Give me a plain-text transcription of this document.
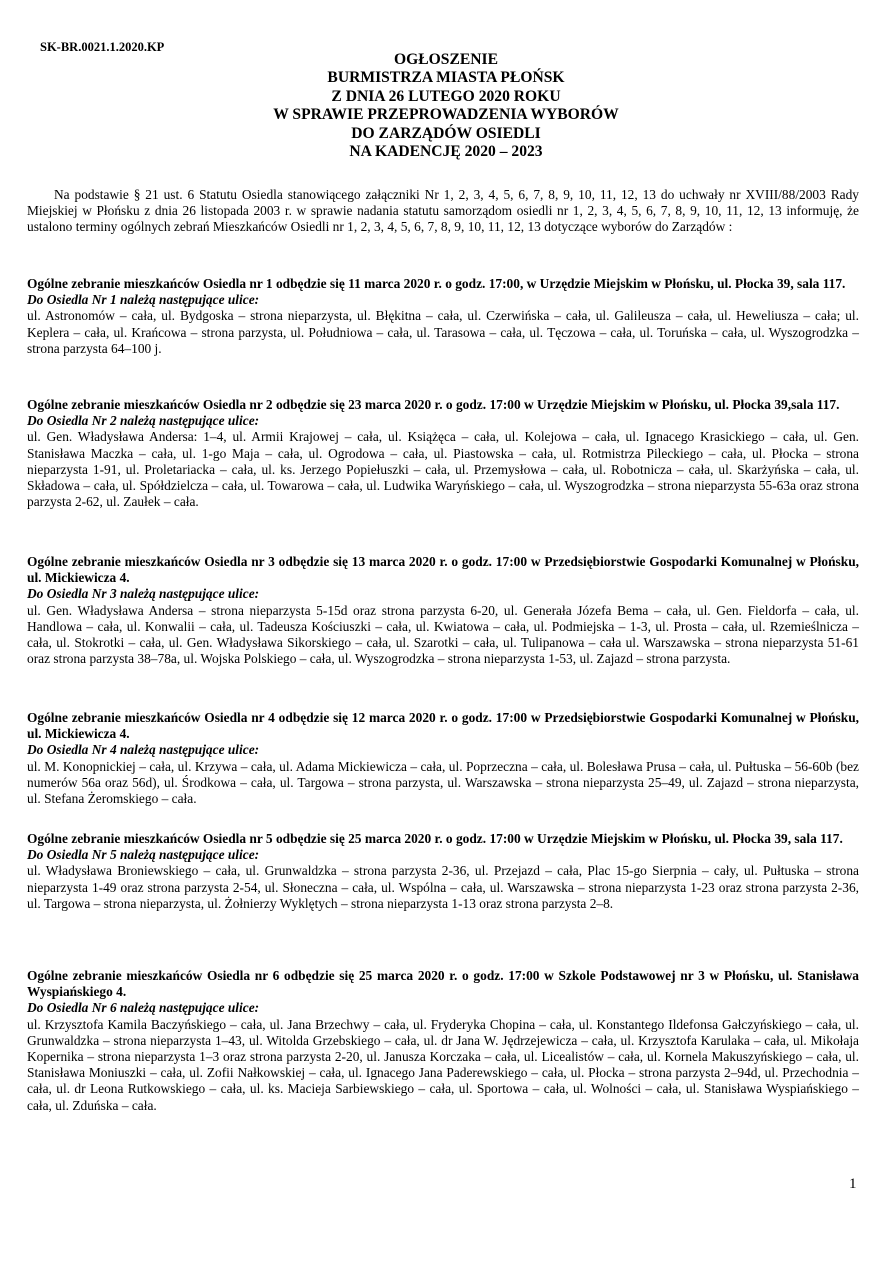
SK-BR.0021.1.2020.KP
OGŁOSZENIE
BURMISTRZA MIASTA PŁOŃSK
Z DNIA 26 LUTEGO 2020 ROKU
W SPRAWIE PRZEPROWADZENIA WYBORÓW
DO ZARZĄDÓW OSIEDLI
NA KADENCJĘ 2020 – 2023

Na podstawie § 21 ust. 6 Statutu Osiedla stanowiącego załączniki Nr 1, 2, 3, 4, 5, 6, 7, 8, 9, 10, 11, 12, 13 do uchwały nr XVIII/88/2003 Rady Miejskiej w Płońsku z dnia 26 listopada 2003 r. w sprawie nadania statutu samorządom osiedli nr 1, 2, 3, 4, 5, 6, 7, 8, 9, 10, 11, 12, 13 informuję, że ustalono terminy ogólnych zebrań Mieszkańców Osiedli nr 1, 2, 3, 4, 5, 6, 7, 8, 9, 10, 11, 12, 13 dotyczące wyborów do Zarządów :

Ogólne zebranie mieszkańców Osiedla nr 1 odbędzie się 11 marca 2020 r. o godz. 17:00, w Urzędzie Miejskim w Płońsku, ul. Płocka 39, sala 117.

Do Osiedla Nr 1 należą następujące ulice:

ul. Astronomów – cała, ul. Bydgoska – strona nieparzysta, ul. Błękitna – cała, ul. Czerwińska – cała, ul. Galileusza – cała, ul. Heweliusza – cała; ul. Keplera – cała, ul. Krańcowa – strona parzysta, ul. Południowa – cała, ul. Tarasowa – cała, ul. Tęczowa – cała, ul. Toruńska – cała, ul. Wyszogrodzka – strona parzysta 64–100 j.

Ogólne zebranie mieszkańców Osiedla nr 2 odbędzie się 23 marca 2020 r. o godz. 17:00 w Urzędzie Miejskim w Płońsku, ul. Płocka 39,sala 117.

Do Osiedla Nr 2 należą następujące ulice:

ul. Gen. Władysława Andersa: 1–4, ul. Armii Krajowej – cała, ul. Książęca – cała, ul. Kolejowa – cała, ul. Ignacego Krasickiego – cała, ul. Gen. Stanisława Maczka – cała, ul. 1-go Maja – cała, ul. Ogrodowa – cała, ul. Piastowska – cała, ul. Rotmistrza Pileckiego – cała, ul. Płocka – strona nieparzysta 1-91, ul. Proletariacka – cała, ul. ks. Jerzego Popiełuszki – cała, ul. Przemysłowa – cała, ul. Robotnicza – cała, ul. Skarżyńska – cała, ul. Składowa – cała, ul. Spółdzielcza – cała, ul. Towarowa – cała, ul. Ludwika Waryńskiego – cała, ul. Wyszogrodzka – strona nieparzysta 55-63a oraz strona parzysta 2-62, ul. Zaułek – cała.

Ogólne zebranie mieszkańców Osiedla nr 3 odbędzie się 13 marca 2020 r. o godz. 17:00 w Przedsiębiorstwie Gospodarki Komunalnej w Płońsku, ul. Mickiewicza 4.

Do Osiedla Nr 3 należą następujące ulice:

ul. Gen. Władysława Andersa – strona nieparzysta 5-15d oraz strona parzysta 6-20, ul. Generała Józefa Bema – cała, ul. Gen. Fieldorfa – cała, ul. Handlowa – cała, ul. Konwalii – cała, ul. Tadeusza Kościuszki – cała, ul. Kwiatowa – cała, ul. Podmiejska – 1-3, ul. Prosta – cała, ul. Rzemieślnicza – cała, ul. Stokrotki – cała, ul. Gen. Władysława Sikorskiego – cała, ul. Szarotki – cała, ul. Tulipanowa – cała ul. Warszawska – strona nieparzysta 51-61 oraz strona parzysta 38–78a, ul. Wojska Polskiego – cała, ul. Wyszogrodzka – strona nieparzysta 1-53, ul. Zajazd – strona parzysta.

Ogólne zebranie mieszkańców Osiedla nr 4 odbędzie się 12 marca 2020 r. o godz. 17:00 w Przedsiębiorstwie Gospodarki Komunalnej w Płońsku, ul. Mickiewicza 4.

Do Osiedla Nr 4 należą następujące ulice:

ul. M. Konopnickiej – cała, ul. Krzywa – cała, ul. Adama Mickiewicza – cała, ul. Poprzeczna – cała, ul. Bolesława Prusa – cała, ul. Pułtuska – 56-60b (bez numerów 56a oraz 56d), ul. Środkowa – cała, ul. Targowa – strona parzysta, ul. Warszawska – strona nieparzysta 25–49, ul. Zajazd – strona nieparzysta, ul. Stefana Żeromskiego – cała.

Ogólne zebranie mieszkańców Osiedla nr 5 odbędzie się 25 marca 2020 r. o godz. 17:00 w Urzędzie Miejskim w Płońsku, ul. Płocka 39, sala 117.

Do Osiedla Nr 5 należą następujące ulice:

ul. Władysława Broniewskiego – cała, ul. Grunwaldzka – strona parzysta 2-36, ul. Przejazd – cała, Plac 15-go Sierpnia – cały, ul. Pułtuska – strona nieparzysta 1-49 oraz strona parzysta 2-54, ul. Słoneczna – cała, ul. Wspólna – cała, ul. Warszawska – strona nieparzysta 1-23 oraz strona parzysta 2-36, ul. Targowa – strona nieparzysta, ul. Żołnierzy Wyklętych – strona nieparzysta 1-13 oraz strona parzysta 2–8.

Ogólne zebranie mieszkańców Osiedla nr 6 odbędzie się 25 marca 2020 r. o godz. 17:00 w Szkole Podstawowej nr 3 w Płońsku, ul. Stanisława Wyspiańskiego 4.

Do Osiedla Nr 6 należą następujące ulice:

ul. Krzysztofa Kamila Baczyńskiego – cała, ul. Jana Brzechwy – cała, ul. Fryderyka Chopina – cała, ul. Konstantego Ildefonsa Gałczyńskiego – cała, ul. Grunwaldzka – strona nieparzysta 1–43, ul. Witolda Grzebskiego – cała, ul. dr Jana W. Jędrzejewicza – cała, ul. Krzysztofa Karulaka – cała, ul. Mikołaja Kopernika – strona nieparzysta 1–3 oraz strona parzysta 2-20, ul. Janusza Korczaka – cała, ul. Licealistów – cała, ul. Kornela Makuszyńskiego – cała, ul. Stanisława Moniuszki – cała, ul. Zofii Nałkowskiej – cała, ul. Ignacego Jana Paderewskiego – cała, ul. Płocka – strona parzysta 2–94d, ul. Przechodnia – cała, ul. dr Leona Rutkowskiego – cała, ul. ks. Macieja Sarbiewskiego – cała, ul. Sportowa – cała, ul. Wolności – cała, ul. Stanisława Wyspiańskiego – cała, ul. Zduńska – cała.

1
